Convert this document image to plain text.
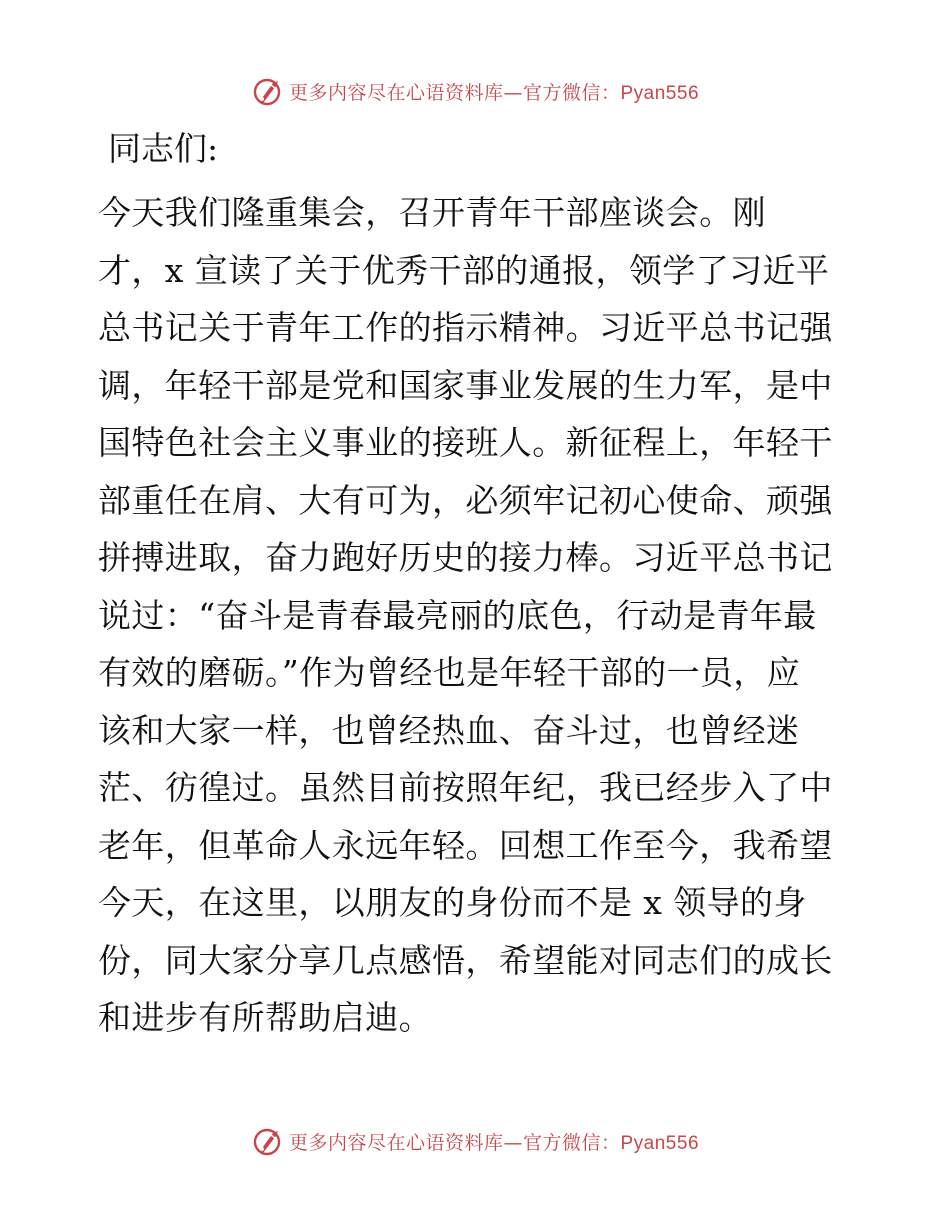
更多内容尽在心语资料库—官方微信：Pyan556
同志们:
今天我们隆重集会，召开青年干部座谈会。刚
才，x 宣读了关于优秀干部的通报，领学了习近平
总书记关于青年工作的指示精神。习近平总书记强
调，年轻干部是党和国家事业发展的生力军，是中
国特色社会主义事业的接班人。新征程上，年轻干
部重任在肩、大有可为，必须牢记初心使命、顽强
拼搏进取，奋力跑好历史的接力棒。习近平总书记
说过：“奋斗是青春最亮丽的底色，行动是青年最
有效的磨砺。”作为曾经也是年轻干部的一员，应
该和大家一样，也曾经热血、奋斗过，也曾经迷
茫、彷徨过。虽然目前按照年纪，我已经步入了中
老年，但革命人永远年轻。回想工作至今，我希望
今天，在这里，以朋友的身份而不是 x 领导的身
份，同大家分享几点感悟，希望能对同志们的成长
和进步有所帮助启迪。
更多内容尽在心语资料库—官方微信：Pyan556
